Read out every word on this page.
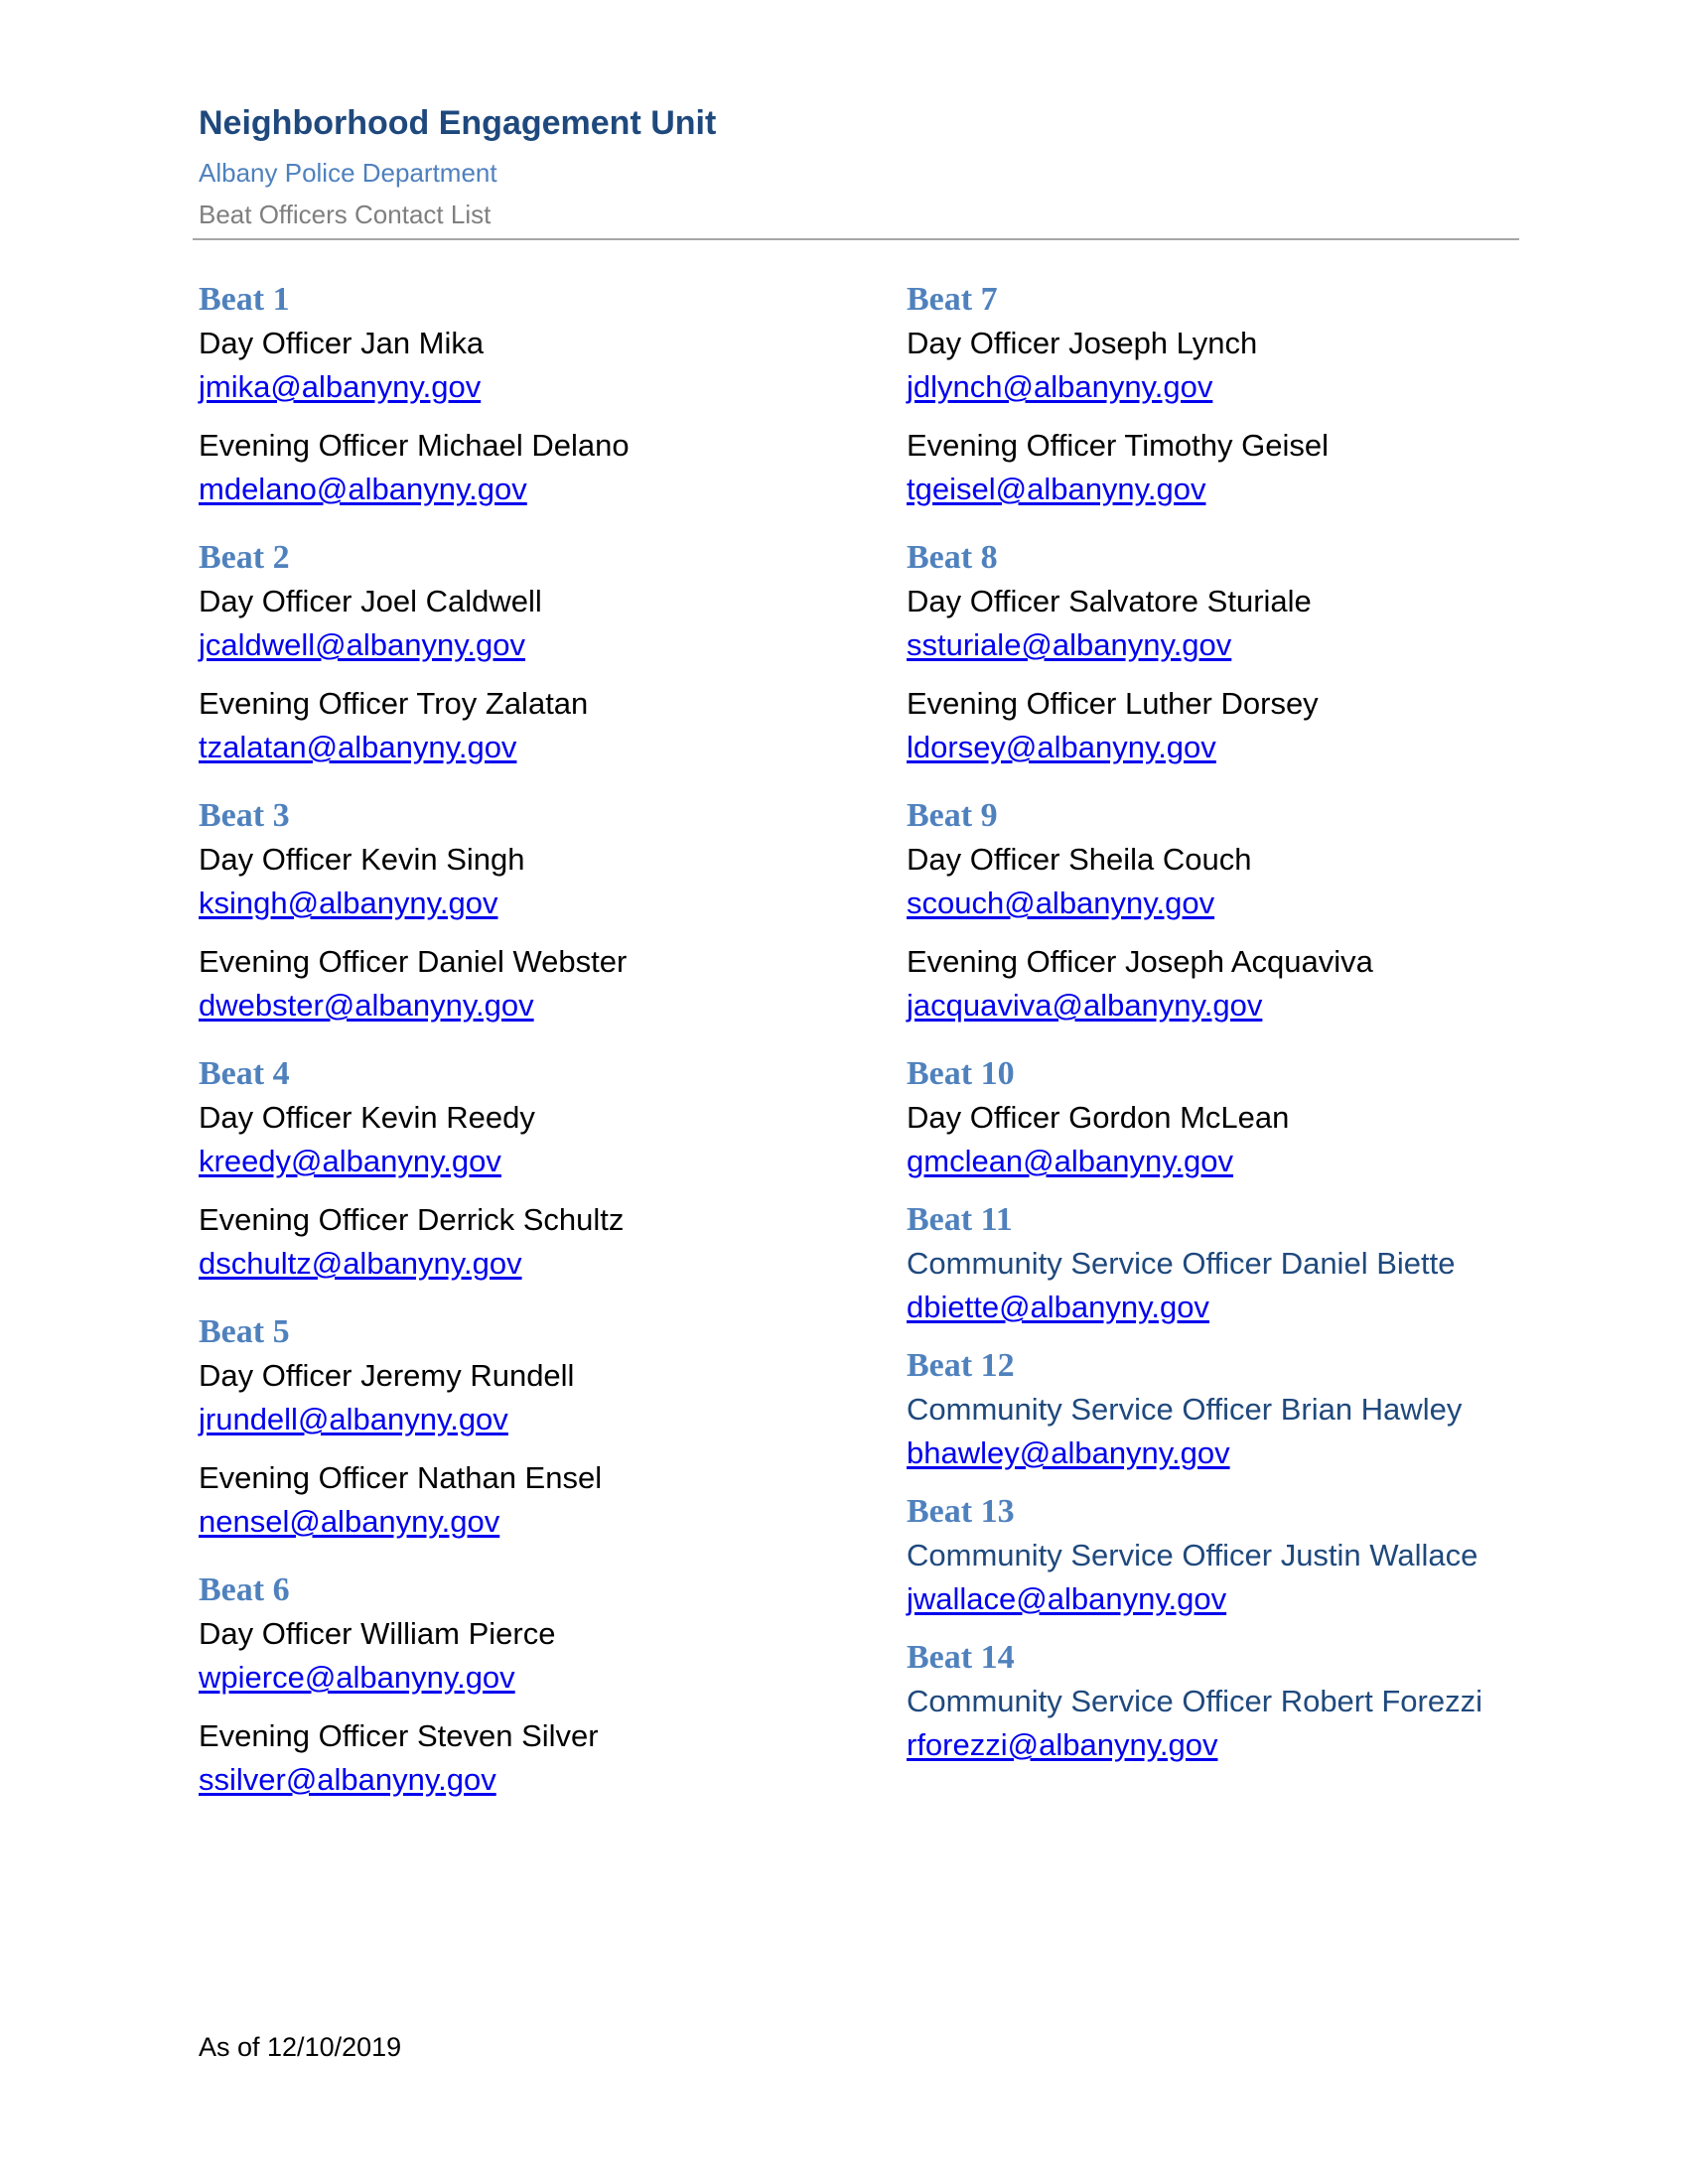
Neighborhood Engagement Unit
Albany Police Department
Beat Officers Contact List
Beat 1
Day Officer Jan Mika
jmika@albanyny.gov
Evening Officer Michael Delano
mdelano@albanyny.gov
Beat 2
Day Officer Joel Caldwell
jcaldwell@albanyny.gov
Evening Officer Troy Zalatan
tzalatan@albanyny.gov
Beat 3
Day Officer Kevin Singh
ksingh@albanyny.gov
Evening Officer Daniel Webster
dwebster@albanyny.gov
Beat 4
Day Officer Kevin Reedy
kreedy@albanyny.gov
Evening Officer Derrick Schultz
dschultz@albanyny.gov
Beat 5
Day Officer Jeremy Rundell
jrundell@albanyny.gov
Evening Officer Nathan Ensel
nensel@albanyny.gov
Beat 6
Day Officer William Pierce
wpierce@albanyny.gov
Evening Officer Steven Silver
ssilver@albanyny.gov
Beat 7
Day Officer Joseph Lynch
jdlynch@albanyny.gov
Evening Officer Timothy Geisel
tgeisel@albanyny.gov
Beat 8
Day Officer Salvatore Sturiale
ssturiale@albanyny.gov
Evening Officer Luther Dorsey
ldorsey@albanyny.gov
Beat 9
Day Officer Sheila Couch
scouch@albanyny.gov
Evening Officer Joseph Acquaviva
jacquaviva@albanyny.gov
Beat 10
Day Officer Gordon McLean
gmclean@albanyny.gov
Beat 11
Community Service Officer Daniel Biette
dbiette@albanyny.gov
Beat 12
Community Service Officer Brian Hawley
bhawley@albanyny.gov
Beat 13
Community Service Officer Justin Wallace
jwallace@albanyny.gov
Beat 14
Community Service Officer Robert Forezzi
rforezzi@albanyny.gov
As of 12/10/2019
